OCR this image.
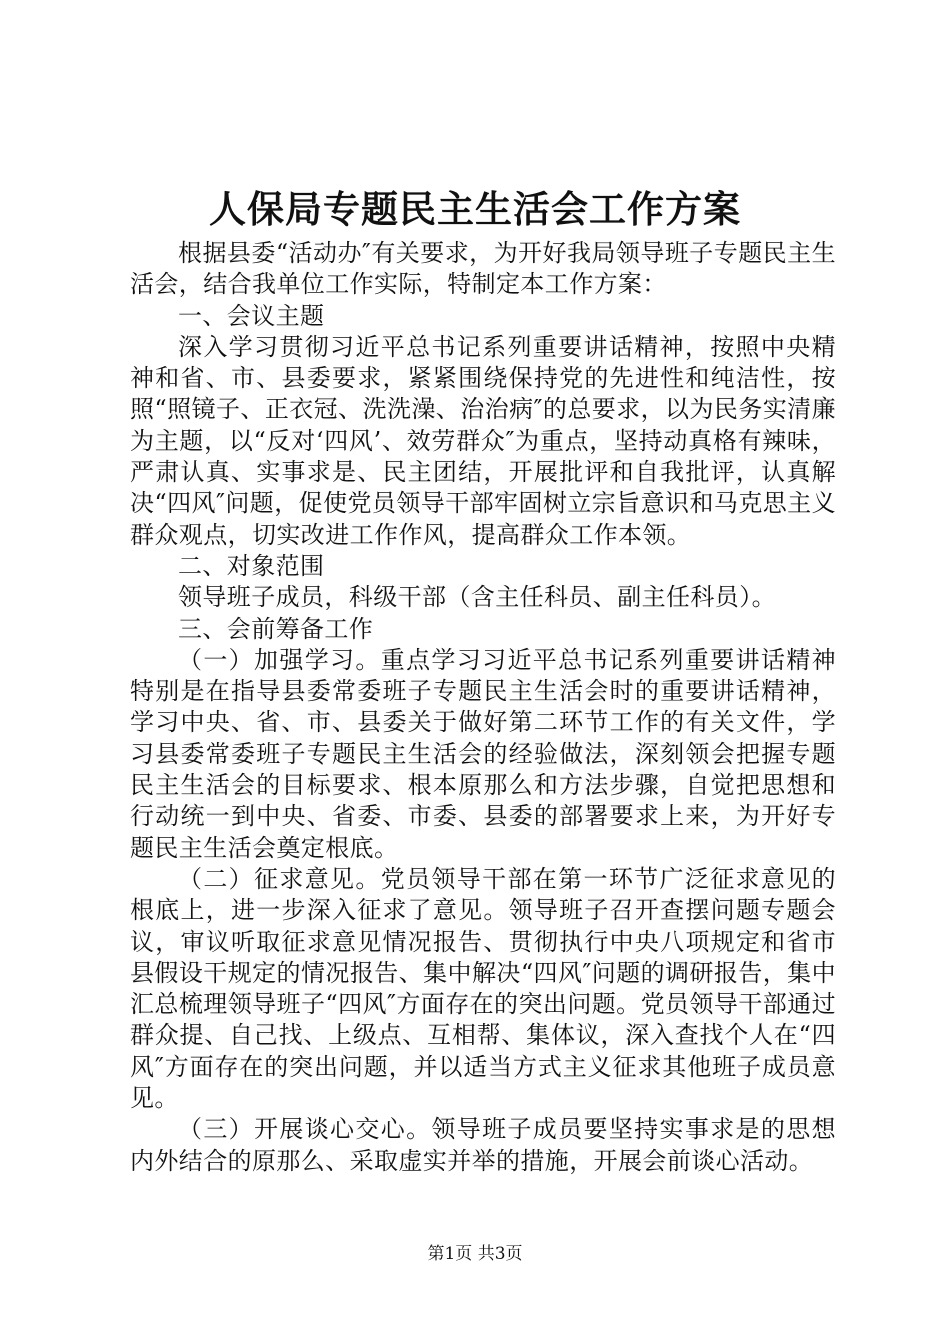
人保局专题民主生活会工作方案

根据县委“活动办″有关要求，为开好我局领导班子专题民主生活会，结合我单位工作实际，特制定本工作方案：

一、会议主题

深入学习贯彻习近平总书记系列重要讲话精神，按照中央精神和省、市、县委要求，紧紧围绕保持党的先进性和纯洁性，按照“照镜子、正衣冠、洗洗澡、治治病″的总要求，以为民务实清廉为主题，以“反对‘四风’、效劳群众″为重点，坚持动真格有辣味，严肃认真、实事求是、民主团结，开展批评和自我批评，认真解决“四风″问题，促使党员领导干部牢固树立宗旨意识和马克思主义群众观点，切实改进工作作风，提高群众工作本领。

二、对象范围

领导班子成员，科级干部（含主任科员、副主任科员）。

三、会前筹备工作

（一）加强学习。重点学习习近平总书记系列重要讲话精神特别是在指导县委常委班子专题民主生活会时的重要讲话精神，学习中央、省、市、县委关于做好第二环节工作的有关文件，学习县委常委班子专题民主生活会的经验做法，深刻领会把握专题民主生活会的目标要求、根本原那么和方法步骤，自觉把思想和行动统一到中央、省委、市委、县委的部署要求上来，为开好专题民主生活会奠定根底。

（二）征求意见。党员领导干部在第一环节广泛征求意见的根底上，进一步深入征求了意见。领导班子召开查摆问题专题会议，审议听取征求意见情况报告、贯彻执行中央八项规定和省市县假设干规定的情况报告、集中解决“四风″问题的调研报告，集中汇总梳理领导班子“四风″方面存在的突出问题。党员领导干部通过群众提、自己找、上级点、互相帮、集体议，深入查找个人在“四风″方面存在的突出问题，并以适当方式主义征求其他班子成员意见。

（三）开展谈心交心。领导班子成员要坚持实事求是的思想内外结合的原那么、采取虚实并举的措施，开展会前谈心活动。

第1页 共3页
